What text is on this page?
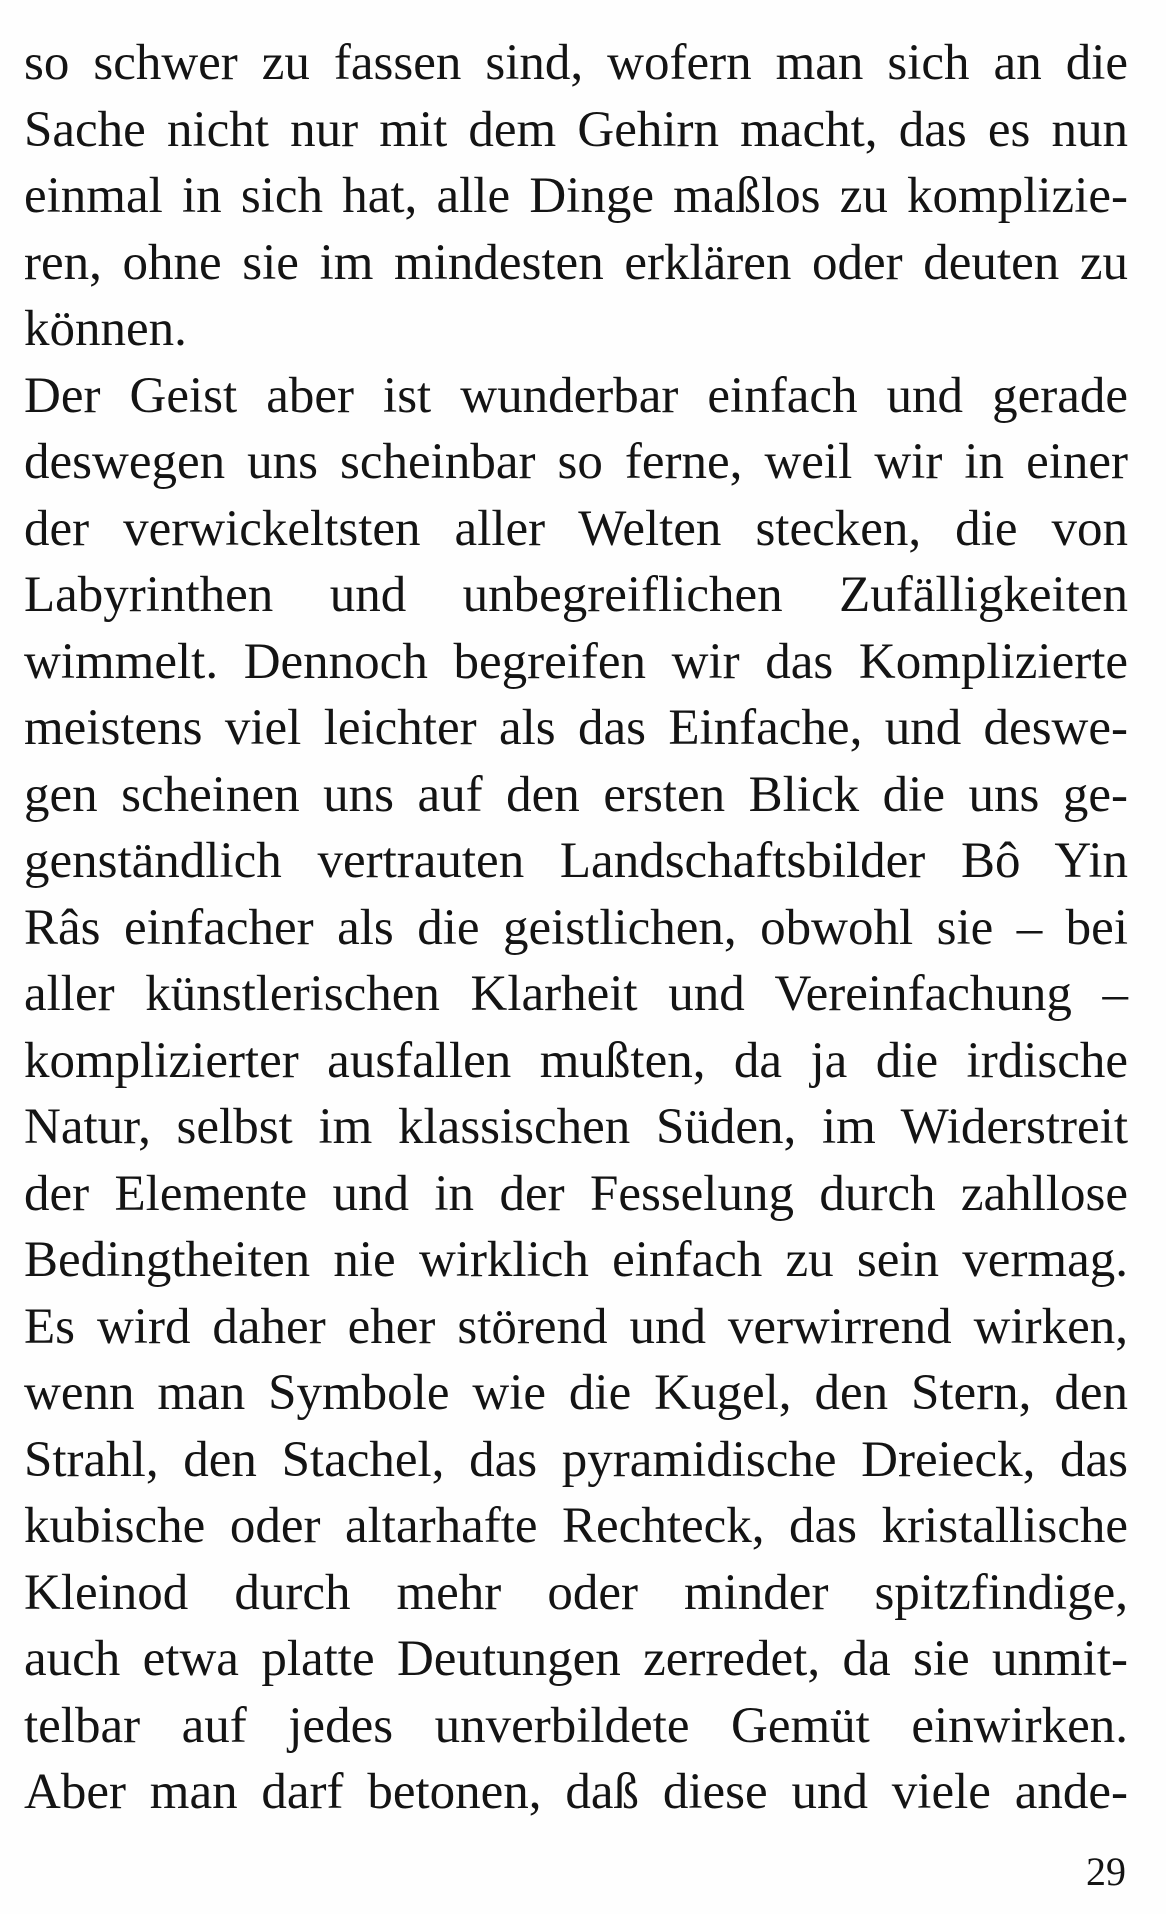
so schwer zu fassen sind, wofern man sich an die
Sache nicht nur mit dem Gehirn macht, das es nun
einmal in sich hat, alle Dinge maßlos zu komplizie-
ren, ohne sie im mindesten erklären oder deuten zu
können.
Der Geist aber ist wunderbar einfach und gerade
deswegen uns scheinbar so ferne, weil wir in einer
der verwickeltsten aller Welten stecken, die von
Labyrinthen und unbegreiflichen Zufälligkeiten
wimmelt. Dennoch begreifen wir das Komplizierte
meistens viel leichter als das Einfache, und deswe-
gen scheinen uns auf den ersten Blick die uns ge-
genständlich vertrauten Landschaftsbilder Bô Yin
Râs einfacher als die geistlichen, obwohl sie – bei
aller künstlerischen Klarheit und Vereinfachung –
komplizierter ausfallen mußten, da ja die irdische
Natur, selbst im klassischen Süden, im Widerstreit
der Elemente und in der Fesselung durch zahllose
Bedingtheiten nie wirklich einfach zu sein vermag.
Es wird daher eher störend und verwirrend wirken,
wenn man Symbole wie die Kugel, den Stern, den
Strahl, den Stachel, das pyramidische Dreieck, das
kubische oder altarhafte Rechteck, das kristallische
Kleinod durch mehr oder minder spitzfindige,
auch etwa platte Deutungen zerredet, da sie unmit-
telbar auf jedes unverbildete Gemüt einwirken.
Aber man darf betonen, daß diese und viele ande-
29
